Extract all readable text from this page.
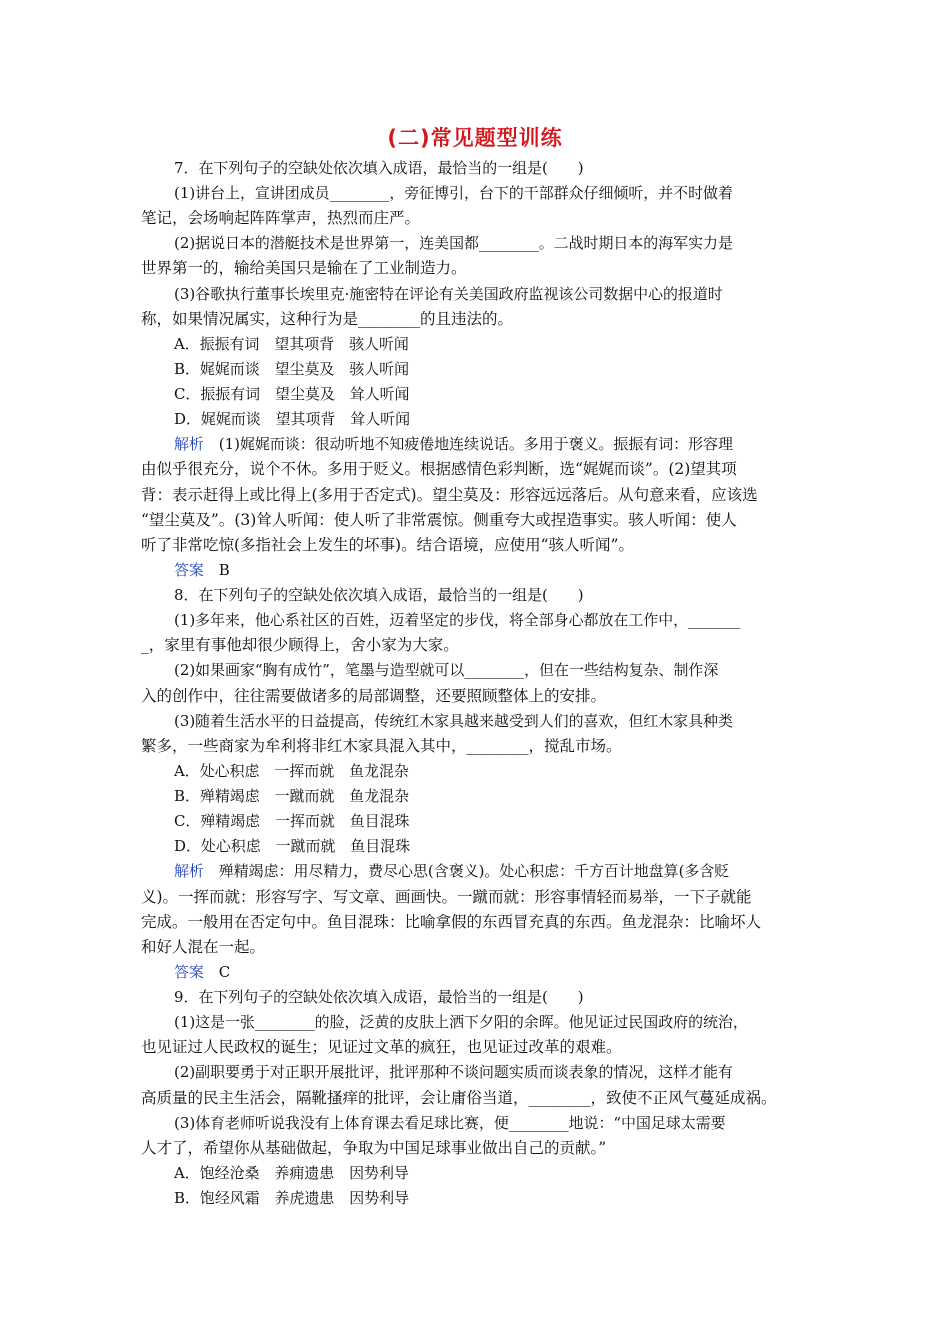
(二)常见题型训练
7．在下列句子的空缺处依次填入成语，最恰当的一组是(　　)
(1)讲台上，宣讲团成员________，旁征博引，台下的干部群众仔细倾听，并不时做着
笔记，会场响起阵阵掌声，热烈而庄严。
(2)据说日本的潜艇技术是世界第一，连美国都________。二战时期日本的海军实力是
世界第一的，输给美国只是输在了工业制造力。
(3)谷歌执行董事长埃里克·施密特在评论有关美国政府监视该公司数据中心的报道时
称，如果情况属实，这种行为是________的且违法的。
A．振振有词　望其项背　骇人听闻
B．娓娓而谈　望尘莫及　骇人听闻
C．振振有词　望尘莫及　耸人听闻
D．娓娓而谈　望其项背　耸人听闻
解析　(1)娓娓而谈：很动听地不知疲倦地连续说话。多用于褒义。振振有词：形容理
由似乎很充分，说个不休。多用于贬义。根据感情色彩判断，选“娓娓而谈”。(2)望其项
背：表示赶得上或比得上(多用于否定式)。望尘莫及：形容远远落后。从句意来看，应该选
“望尘莫及”。(3)耸人听闻：使人听了非常震惊。侧重夸大或捏造事实。骇人听闻：使人
听了非常吃惊(多指社会上发生的坏事)。结合语境，应使用“骇人听闻”。
答案　B
8．在下列句子的空缺处依次填入成语，最恰当的一组是(　　)
(1)多年来，他心系社区的百姓，迈着坚定的步伐，将全部身心都放在工作中，_______
_，家里有事他却很少顾得上，舍小家为大家。
(2)如果画家“胸有成竹”，笔墨与造型就可以________，但在一些结构复杂、制作深
入的创作中，往往需要做诸多的局部调整，还要照顾整体上的安排。
(3)随着生活水平的日益提高，传统红木家具越来越受到人们的喜欢，但红木家具种类
繁多，一些商家为牟利将非红木家具混入其中，________，搅乱市场。
A．处心积虑　一挥而就　鱼龙混杂
B．殚精竭虑　一蹴而就　鱼龙混杂
C．殚精竭虑　一挥而就　鱼目混珠
D．处心积虑　一蹴而就　鱼目混珠
解析　殚精竭虑：用尽精力，费尽心思(含褒义)。处心积虑：千方百计地盘算(多含贬
义)。一挥而就：形容写字、写文章、画画快。一蹴而就：形容事情轻而易举，一下子就能
完成。一般用在否定句中。鱼目混珠：比喻拿假的东西冒充真的东西。鱼龙混杂：比喻坏人
和好人混在一起。
答案　C
9．在下列句子的空缺处依次填入成语，最恰当的一组是(　　)
(1)这是一张________的脸，泛黄的皮肤上洒下夕阳的余晖。他见证过民国政府的统治，
也见证过人民政权的诞生；见证过文革的疯狂，也见证过改革的艰难。
(2)副职要勇于对正职开展批评，批评那种不谈问题实质而谈表象的情况，这样才能有
高质量的民主生活会，隔靴搔痒的批评，会让庸俗当道，________，致使不正风气蔓延成祸。
(3)体育老师听说我没有上体育课去看足球比赛，便________地说：“中国足球太需要
人才了，希望你从基础做起，争取为中国足球事业做出自己的贡献。”
A．饱经沧桑　养痈遗患　因势利导
B．饱经风霜　养虎遗患　因势利导
